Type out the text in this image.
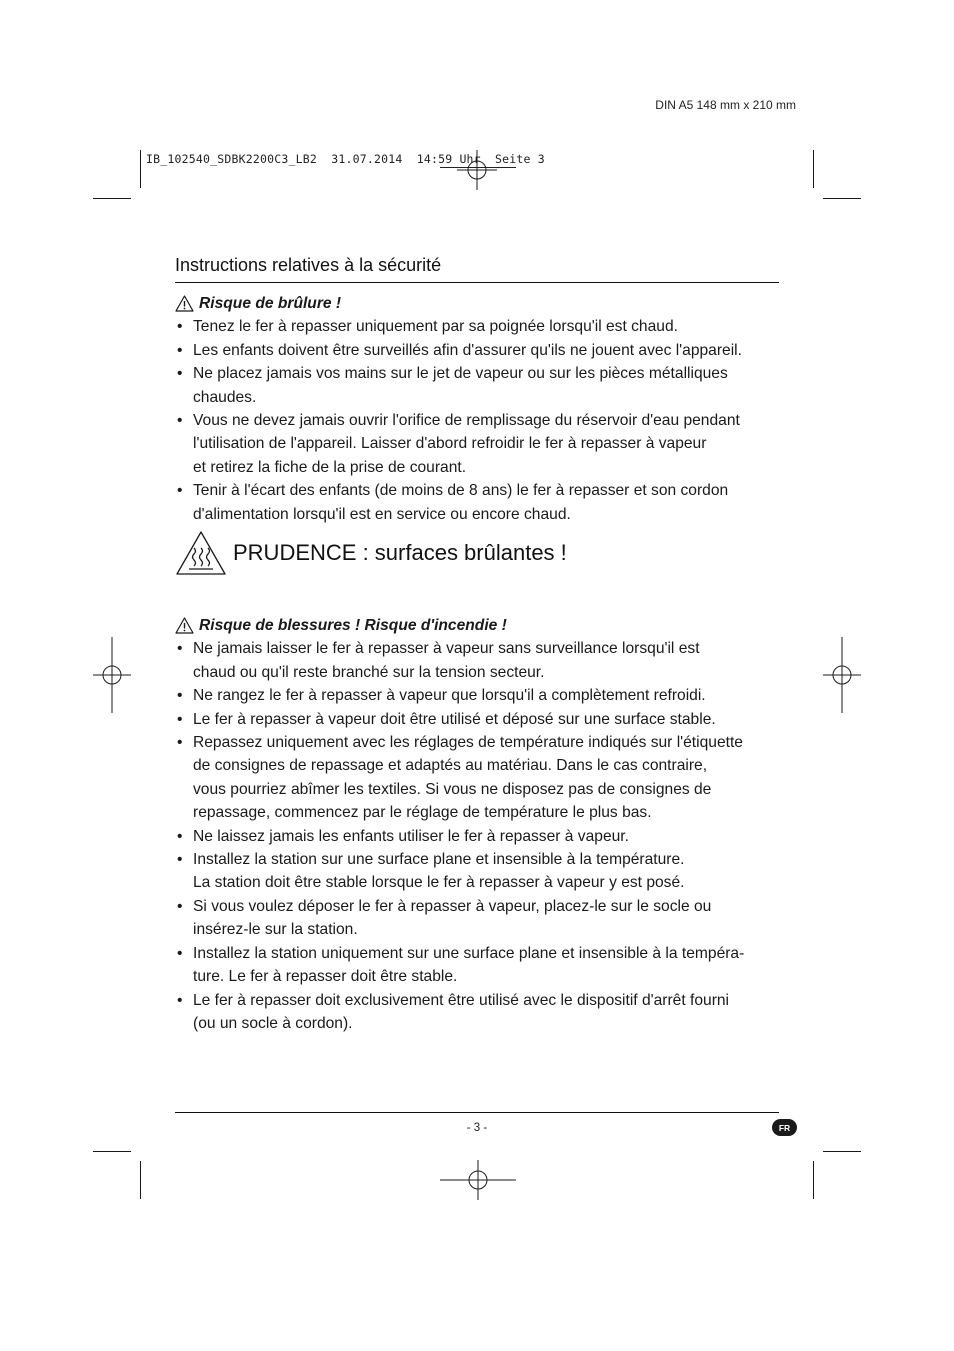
DIN A5 148 mm x 210 mm
IB_102540_SDBK2200C3_LB2  31.07.2014  14:59 Uhr  Seite 3
Instructions relatives à la sécurité
Risque de brûlure !
• Tenez le fer à repasser uniquement par sa poignée lorsqu'il est chaud.
• Les enfants doivent être surveillés afin d'assurer qu'ils ne jouent avec l'appareil.
• Ne placez jamais vos mains sur le jet de vapeur ou sur les pièces métalliques
chaudes.
• Vous ne devez jamais ouvrir l'orifice de remplissage du réservoir d'eau pendant
l'utilisation de l'appareil. Laisser d'abord refroidir le fer à repasser à vapeur
et retirez la fiche de la prise de courant.
• Tenir à l'écart des enfants (de moins de 8 ans) le fer à repasser et son cordon
d'alimentation lorsqu'il est en service ou encore chaud.
PRUDENCE : surfaces brûlantes !
Risque de blessures ! Risque d'incendie !
• Ne jamais laisser le fer à repasser à vapeur sans surveillance lorsqu'il est
chaud ou qu'il reste branché sur la tension secteur.
• Ne rangez le fer à repasser à vapeur que lorsqu'il a complètement refroidi.
• Le fer à repasser à vapeur doit être utilisé et déposé sur une surface stable.
• Repassez uniquement avec les réglages de température indiqués sur l'étiquette
de consignes de repassage et adaptés au matériau. Dans le cas contraire,
vous pourriez abîmer les textiles. Si vous ne disposez pas de consignes de
repassage, commencez par le réglage de température le plus bas.
• Ne laissez jamais les enfants utiliser le fer à repasser à vapeur.
• Installez la station sur une surface plane et insensible à la température.
La station doit être stable lorsque le fer à repasser à vapeur y est posé.
• Si vous voulez déposer le fer à repasser à vapeur, placez-le sur le socle ou
insérez-le sur la station.
• Installez la station uniquement sur une surface plane et insensible à la tempéra-
ture. Le fer à repasser doit être stable.
• Le fer à repasser doit exclusivement être utilisé avec le dispositif d'arrêt fourni
(ou un socle à cordon).
- 3 -	FR
